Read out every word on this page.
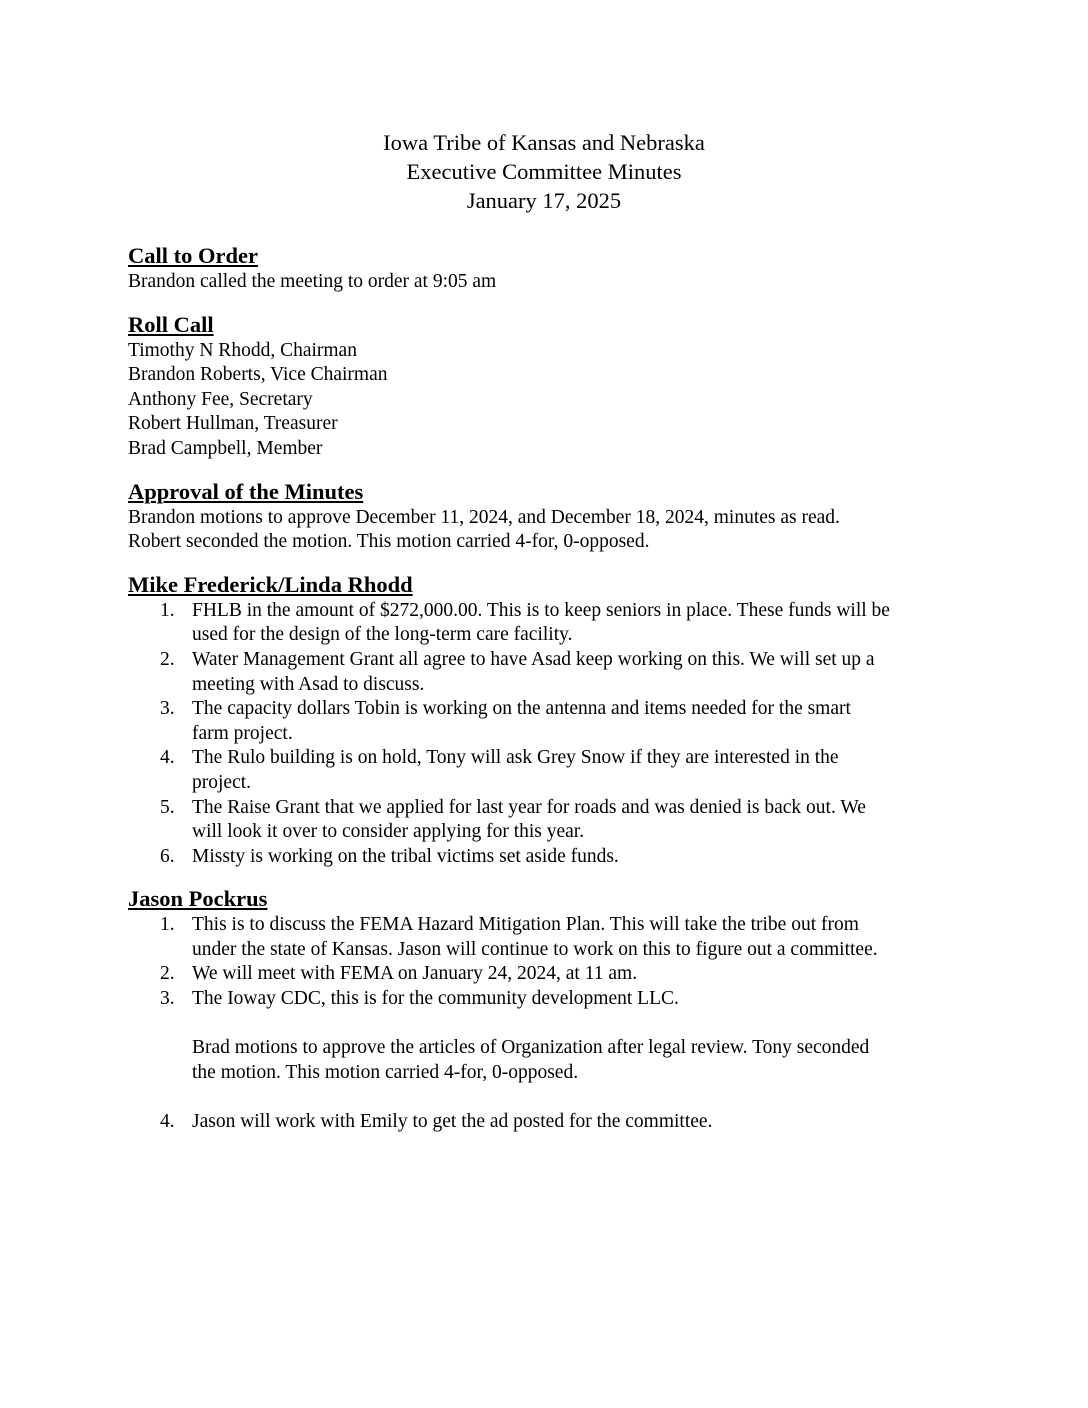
Iowa Tribe of Kansas and Nebraska
Executive Committee Minutes
January 17, 2025
Call to Order

Brandon called the meeting to order at 9:05 am

Roll Call
Timothy N Rhodd, Chairman
Brandon Roberts, Vice Chairman
Anthony Fee, Secretary
Robert Hullman, Treasurer
Brad Campbell, Member
Approval of the Minutes
Brandon motions to approve December 11, 2024, and December 18, 2024, minutes as read.
Robert seconded the motion. This motion carried 4-for, 0-opposed.
Mike Frederick/Linda Rhodd
1. FHLB in the amount of $272,000.00. This is to keep seniors in place. These funds will be
used for the design of the long-term care facility.
2. Water Management Grant all agree to have Asad keep working on this. We will set up a
meeting with Asad to discuss.
3. The capacity dollars Tobin is working on the antenna and items needed for the smart
farm project.
4. The Rulo building is on hold, Tony will ask Grey Snow if they are interested in the
project.
5. The Raise Grant that we applied for last year for roads and was denied is back out. We
will look it over to consider applying for this year.
6. Missty is working on the tribal victims set aside funds.
Jason Pockrus
1. This is to discuss the FEMA Hazard Mitigation Plan. This will take the tribe out from
under the state of Kansas. Jason will continue to work on this to figure out a committee.
2. We will meet with FEMA on January 24, 2024, at 11 am.
3. The Ioway CDC, this is for the community development LLC.
Brad motions to approve the articles of Organization after legal review. Tony seconded
the motion. This motion carried 4-for, 0-opposed.
4. Jason will work with Emily to get the ad posted for the committee.
